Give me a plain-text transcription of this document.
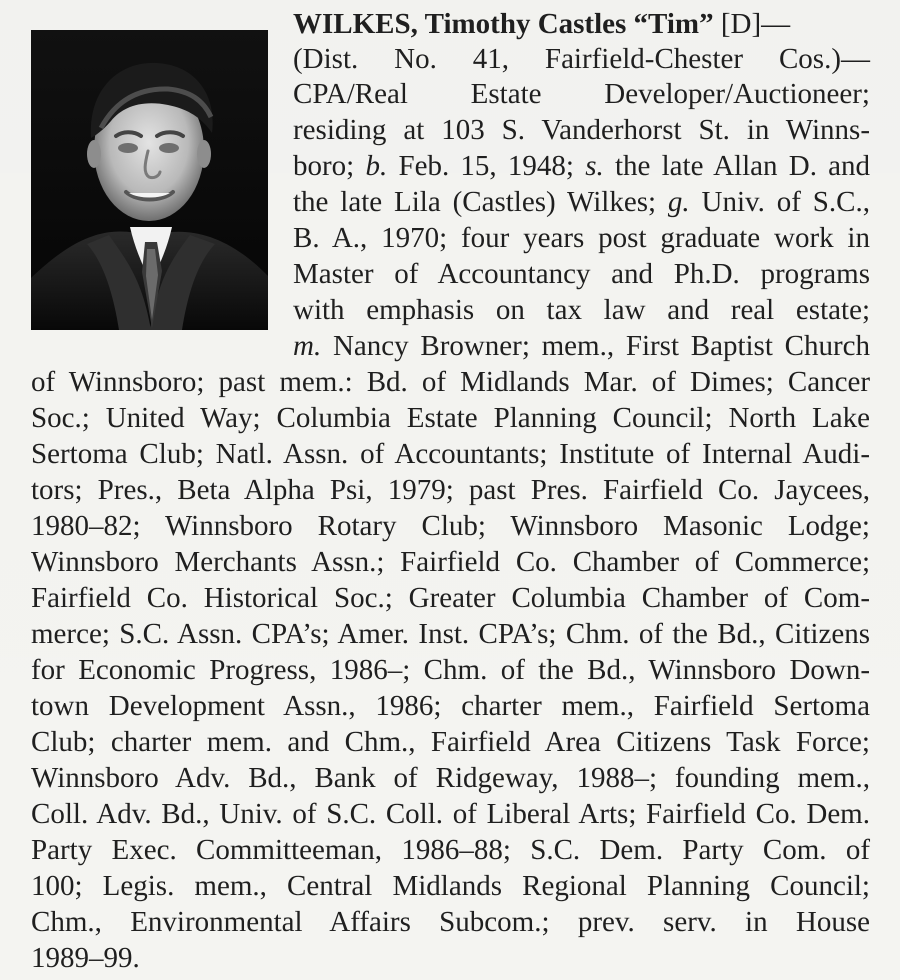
WILKES, Timothy Castles “Tim” [D]—
(Dist. No. 41, Fairfield-Chester Cos.)—
CPA/Real Estate Developer/Auctioneer;
residing at 103 S. Vanderhorst St. in Winns-
boro; b. Feb. 15, 1948; s. the late Allan D. and
the late Lila (Castles) Wilkes; g. Univ. of S.C.,
B. A., 1970; four years post graduate work in
Master of Accountancy and Ph.D. programs
with emphasis on tax law and real estate;
m. Nancy Browner; mem., First Baptist Church
of Winnsboro; past mem.: Bd. of Midlands Mar. of Dimes; Cancer
Soc.; United Way; Columbia Estate Planning Council; North Lake
Sertoma Club; Natl. Assn. of Accountants; Institute of Internal Audi-
tors; Pres., Beta Alpha Psi, 1979; past Pres. Fairfield Co. Jaycees,
1980–82; Winnsboro Rotary Club; Winnsboro Masonic Lodge;
Winnsboro Merchants Assn.; Fairfield Co. Chamber of Commerce;
Fairfield Co. Historical Soc.; Greater Columbia Chamber of Com-
merce; S.C. Assn. CPA’s; Amer. Inst. CPA’s; Chm. of the Bd., Citizens
for Economic Progress, 1986–; Chm. of the Bd., Winnsboro Down-
town Development Assn., 1986; charter mem., Fairfield Sertoma
Club; charter mem. and Chm., Fairfield Area Citizens Task Force;
Winnsboro Adv. Bd., Bank of Ridgeway, 1988–; founding mem.,
Coll. Adv. Bd., Univ. of S.C. Coll. of Liberal Arts; Fairfield Co. Dem.
Party Exec. Committeeman, 1986–88; S.C. Dem. Party Com. of
100; Legis. mem., Central Midlands Regional Planning Council;
Chm., Environmental Affairs Subcom.; prev. serv. in House
1989–99.
